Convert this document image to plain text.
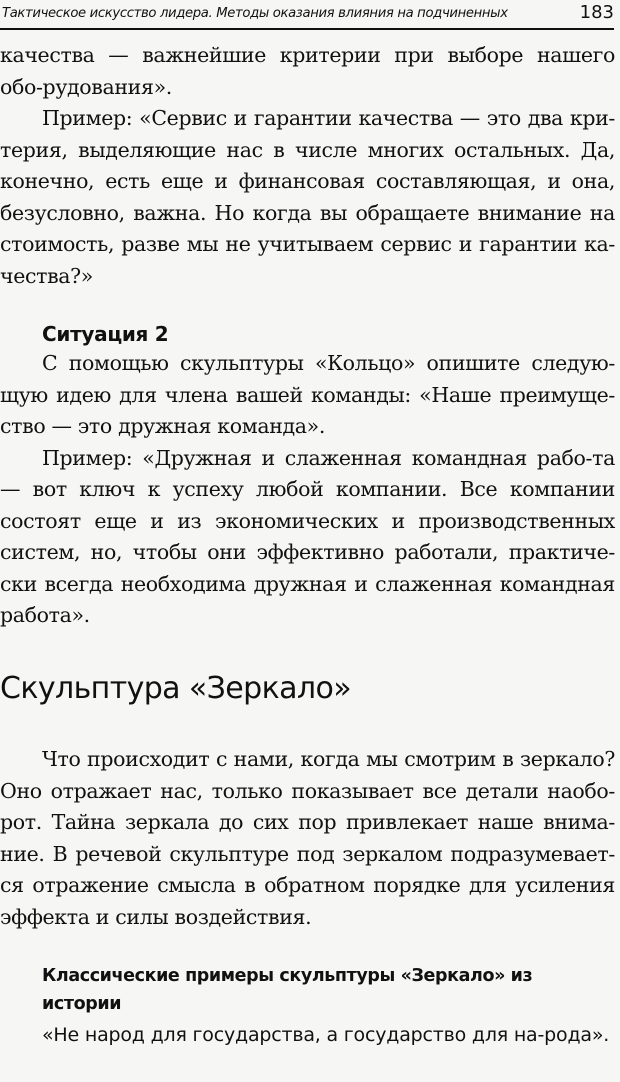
Тактическое искусство лидера. Методы оказания влияния на подчиненных	183

качества — важнейшие критерии при выборе нашего обо-рудования».

Пример: «Сервис и гарантии качества — это два кри-терия, выделяющие нас в числе многих остальных. Да, конечно, есть еще и финансовая составляющая, и она, безусловно, важна. Но когда вы обращаете внимание на стоимость, разве мы не учитываем сервис и гарантии ка-чества?»

Ситуация 2

С помощью скульптуры «Кольцо» опишите следую-щую идею для члена вашей команды: «Наше преимуще-ство — это дружная команда».

Пример: «Дружная и слаженная командная рабо-та — вот ключ к успеху любой компании. Все компании состоят еще и из экономических и производственных систем, но, чтобы они эффективно работали, практиче-ски всегда необходима дружная и слаженная командная работа».

Скульптура «Зеркало»

Что происходит с нами, когда мы смотрим в зеркало? Оно отражает нас, только показывает все детали наобо-рот. Тайна зеркала до сих пор привлекает наше внима-ние. В речевой скульптуре под зеркалом подразумевает-ся отражение смысла в обратном порядке для усиления эффекта и силы воздействия.

Классические примеры скульптуры «Зеркало» из истории
«Не народ для государства, а государство для на-рода».
